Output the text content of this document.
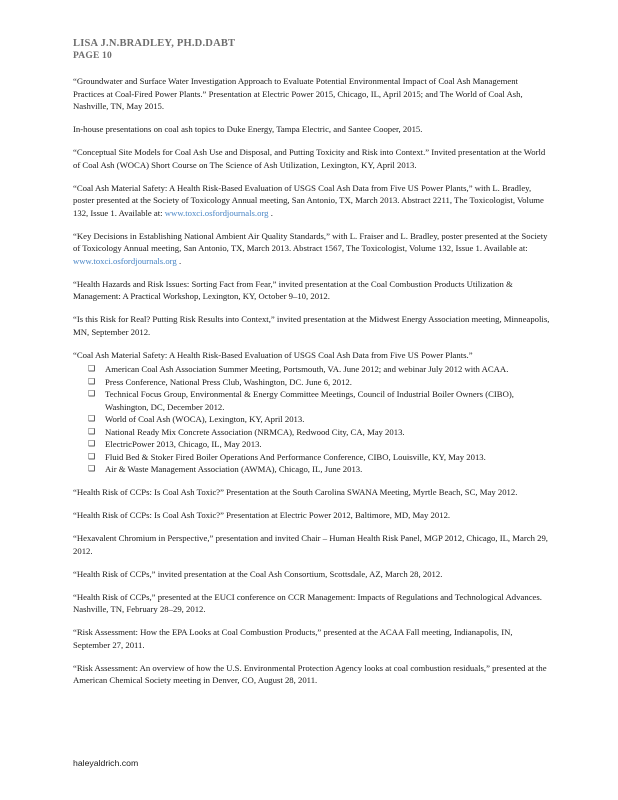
LISA J.N.BRADLEY, PH.D.DABT
PAGE 10

“Groundwater and Surface Water Investigation Approach to Evaluate Potential Environmental Impact of Coal Ash Management Practices at Coal-Fired Power Plants.” Presentation at Electric Power 2015, Chicago, IL, April 2015; and The World of Coal Ash, Nashville, TN, May 2015.

In-house presentations on coal ash topics to Duke Energy, Tampa Electric, and Santee Cooper, 2015.

“Conceptual Site Models for Coal Ash Use and Disposal, and Putting Toxicity and Risk into Context.” Invited presentation at the World of Coal Ash (WOCA) Short Course on The Science of Ash Utilization, Lexington, KY, April 2013.

“Coal Ash Material Safety: A Health Risk-Based Evaluation of USGS Coal Ash Data from Five US Power Plants,” with L. Bradley, poster presented at the Society of Toxicology Annual meeting, San Antonio, TX, March 2013. Abstract 2211, The Toxicologist, Volume 132, Issue 1. Available at: www.toxci.osfordjournals.org .

“Key Decisions in Establishing National Ambient Air Quality Standards,” with L. Fraiser and L. Bradley, poster presented at the Society of Toxicology Annual meeting, San Antonio, TX, March 2013. Abstract 1567, The Toxicologist, Volume 132, Issue 1. Available at: www.toxci.osfordjournals.org .

“Health Hazards and Risk Issues: Sorting Fact from Fear,” invited presentation at the Coal Combustion Products Utilization & Management: A Practical Workshop, Lexington, KY, October 9–10, 2012.

“Is this Risk for Real? Putting Risk Results into Context,” invited presentation at the Midwest Energy Association meeting, Minneapolis, MN, September 2012.

“Coal Ash Material Safety: A Health Risk-Based Evaluation of USGS Coal Ash Data from Five US Power Plants.”
❑ American Coal Ash Association Summer Meeting, Portsmouth, VA. June 2012; and webinar July 2012 with ACAA.
❑ Press Conference, National Press Club, Washington, DC. June 6, 2012.
❑ Technical Focus Group, Environmental & Energy Committee Meetings, Council of Industrial Boiler Owners (CIBO), Washington, DC, December 2012.
❑ World of Coal Ash (WOCA), Lexington, KY, April 2013.
❑ National Ready Mix Concrete Association (NRMCA), Redwood City, CA, May 2013.
❑ ElectricPower 2013, Chicago, IL, May 2013.
❑ Fluid Bed & Stoker Fired Boiler Operations And Performance Conference, CIBO, Louisville, KY, May 2013.
❑ Air & Waste Management Association (AWMA), Chicago, IL, June 2013.

“Health Risk of CCPs: Is Coal Ash Toxic?” Presentation at the South Carolina SWANA Meeting, Myrtle Beach, SC, May 2012.

“Health Risk of CCPs: Is Coal Ash Toxic?” Presentation at Electric Power 2012, Baltimore, MD, May 2012.

“Hexavalent Chromium in Perspective,” presentation and invited Chair – Human Health Risk Panel, MGP 2012, Chicago, IL, March 29, 2012.

“Health Risk of CCPs,” invited presentation at the Coal Ash Consortium, Scottsdale, AZ, March 28, 2012.

“Health Risk of CCPs,” presented at the EUCI conference on CCR Management: Impacts of Regulations and Technological Advances. Nashville, TN, February 28–29, 2012.

“Risk Assessment: How the EPA Looks at Coal Combustion Products,” presented at the ACAA Fall meeting, Indianapolis, IN, September 27, 2011.

“Risk Assessment: An overview of how the U.S. Environmental Protection Agency looks at coal combustion residuals,” presented at the American Chemical Society meeting in Denver, CO, August 28, 2011.

haleyaldrich.com
